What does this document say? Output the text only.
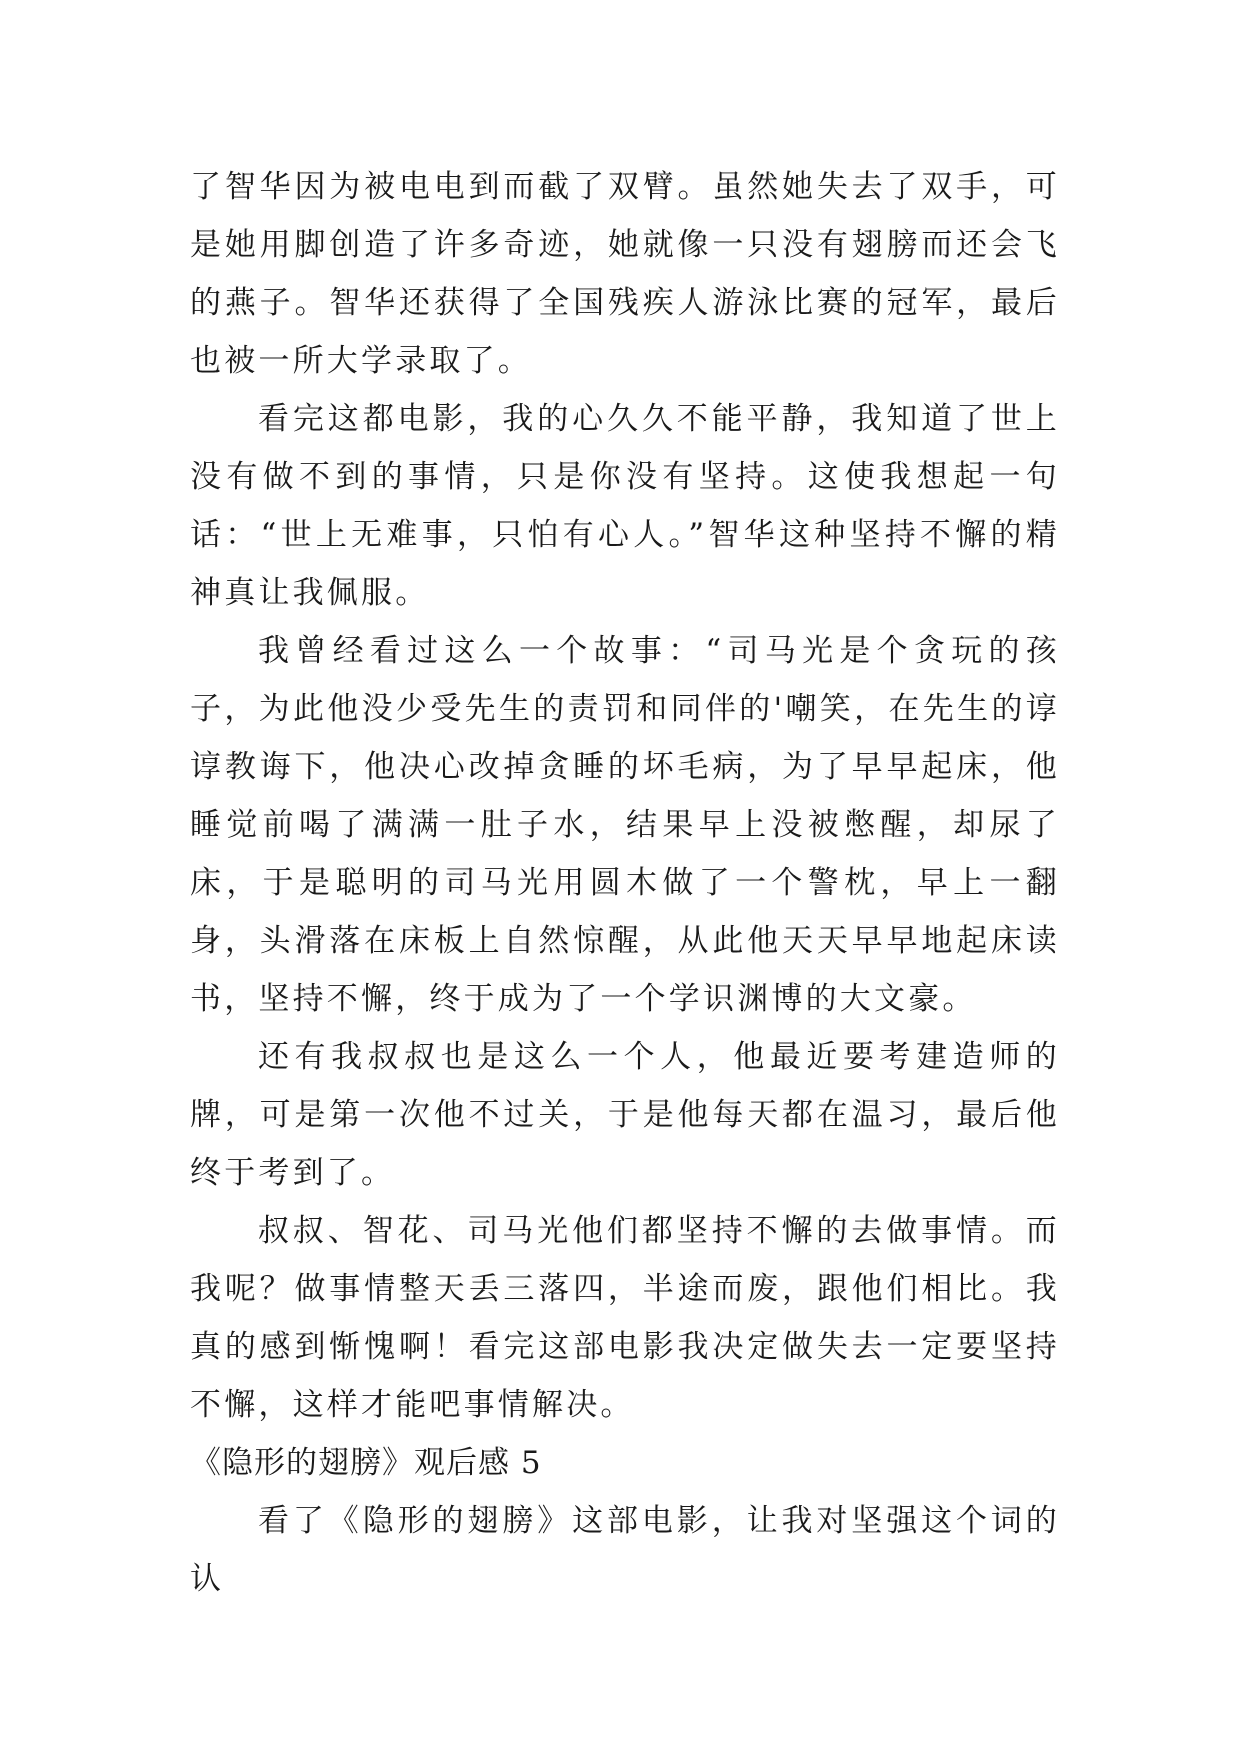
了智华因为被电电到而截了双臂。虽然她失去了双手，可是她用脚创造了许多奇迹，她就像一只没有翅膀而还会飞的燕子。智华还获得了全国残疾人游泳比赛的冠军，最后也被一所大学录取了。

看完这都电影，我的心久久不能平静，我知道了世上没有做不到的事情，只是你没有坚持。这使我想起一句话：“世上无难事，只怕有心人。”智华这种坚持不懈的精神真让我佩服。

我曾经看过这么一个故事：“司马光是个贪玩的孩子，为此他没少受先生的责罚和同伴的'嘲笑，在先生的谆谆教诲下，他决心改掉贪睡的坏毛病，为了早早起床，他睡觉前喝了满满一肚子水，结果早上没被憋醒，却尿了床，于是聪明的司马光用圆木做了一个警枕，早上一翻身，头滑落在床板上自然惊醒，从此他天天早早地起床读书，坚持不懈，终于成为了一个学识渊博的大文豪。

还有我叔叔也是这么一个人，他最近要考建造师的牌，可是第一次他不过关，于是他每天都在温习，最后他终于考到了。

叔叔、智花、司马光他们都坚持不懈的去做事情。而我呢？做事情整天丢三落四，半途而废，跟他们相比。我真的感到惭愧啊！看完这部电影我决定做失去一定要坚持不懈，这样才能吧事情解决。

《隐形的翅膀》观后感 5

看了《隐形的翅膀》这部电影，让我对坚强这个词的认
